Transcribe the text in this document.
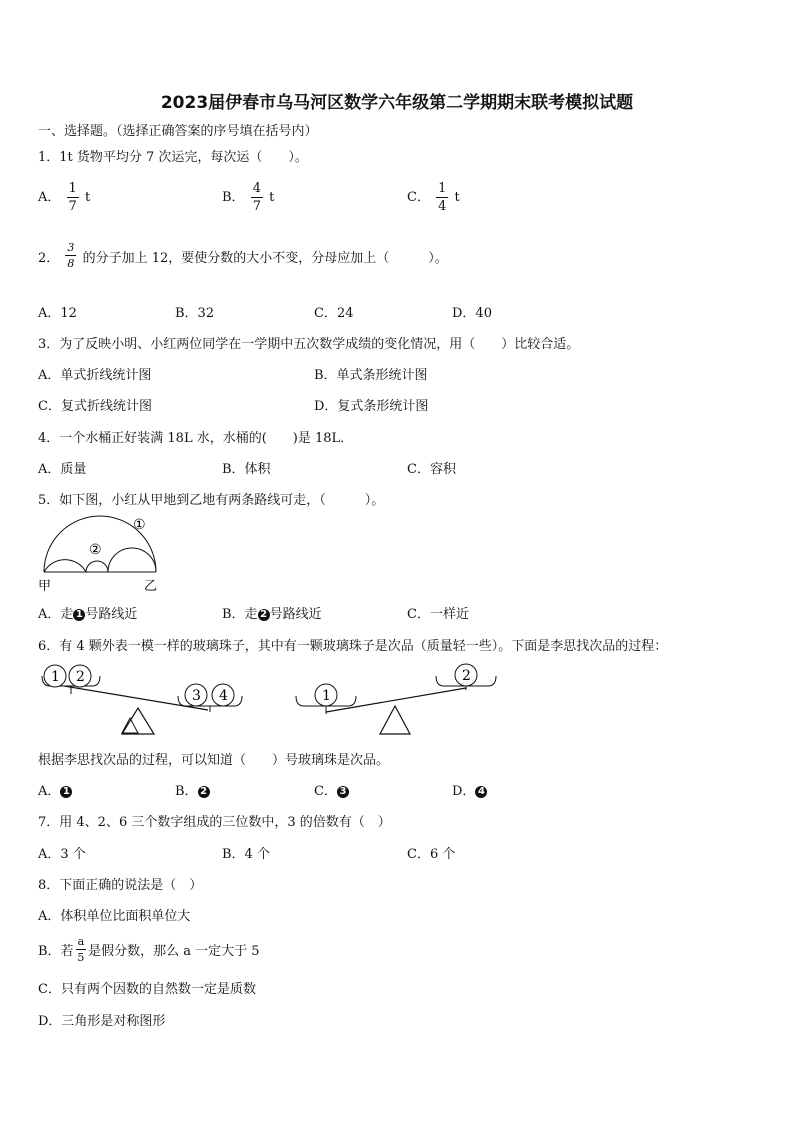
2023届伊春市乌马河区数学六年级第二学期期末联考模拟试题
一、选择题。（选择正确答案的序号填在括号内）
1．1t 货物平均分 7 次运完，每次运（　　）。
A． $\frac{1}{7}$ t	B． $\frac{4}{7}$ t	C． $\frac{1}{4}$ t
2． $\frac{3}{8}$ 的分子加上 12，要使分数的大小不变，分母应加上（　　　）。
A．12	B．32	C．24	D．40
3．为了反映小明、小红两位同学在一学期中五次数学成绩的变化情况，用（　　）比较合适。
A．单式折线统计图	B．单式条形统计图
C．复式折线统计图	D．复式条形统计图
4．一个水桶正好装满 18L 水，水桶的(　　)是 18L．
A．质量	B．体积	C．容积
5．如下图，小红从甲地到乙地有两条路线可走，（　　　）。
①
②
甲	乙
A．走 1 号路线近	B．走 2 号路线近	C．一样近
6．有 4 颗外表一模一样的玻璃珠子，其中有一颗玻璃珠子是次品（质量轻一些）。下面是李思找次品的过程：
1 2
3 4	1
2
根据李思找次品的过程，可以知道（　　）号玻璃珠是次品。
A． 1	B． 2	C． 3	D． 4
7．用 4、2、6 三个数字组成的三位数中，3 的倍数有（　）
A．3 个	B．4 个	C．6 个
8．下面正确的说法是（　）
A．体积单位比面积单位大
B．若 $\frac{a}{5}$ 是假分数，那么 a 一定大于 5
C．只有两个因数的自然数一定是质数
D．三角形是对称图形
